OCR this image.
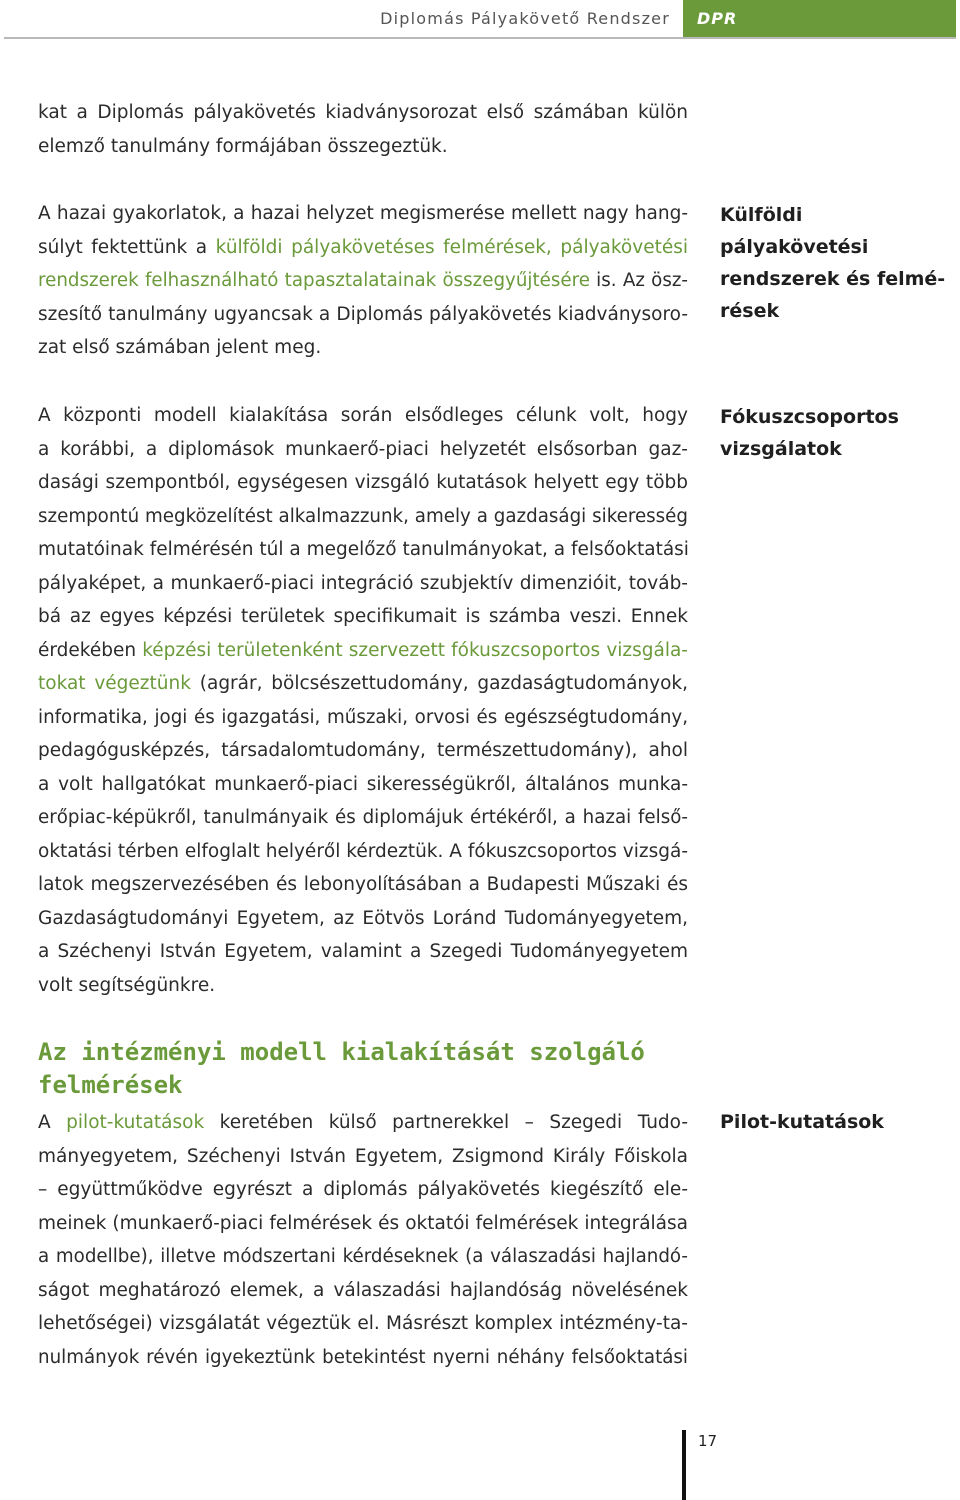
Diplomás Pályakövető Rendszer DPR

kat a Diplomás pályakövetés kiadványsorozat első számában külön

elemző tanulmány formájában összegeztük.

A hazai gyakorlatok, a hazai helyzet megismerése mellett nagy hang-

súlyt fektettünk a külföldi pályakövetéses felmérések, pályakövetési

rendszerek felhasználható tapasztalatainak összegyűjtésére is. Az ösz-

szesítő tanulmány ugyancsak a Diplomás pályakövetés kiadványsoro-

zat első számában jelent meg.

Külföldi pályakövetési
rendszerek és felmé-
rések

A központi modell kialakítása során elsődleges célunk volt, hogy

a korábbi, a diplomások munkaerő-piaci helyzetét elsősorban gaz-

dasági szempontból, egységesen vizsgáló kutatások helyett egy több

szempontú megközelítést alkalmazzunk, amely a gazdasági sikeresség

mutatóinak felmérésén túl a megelőző tanulmányokat, a felsőoktatási

pályaképet, a munkaerő-piaci integráció szubjektív dimenzióit, továb-

bá az egyes képzési területek specifikumait is számba veszi. Ennek

érdekében képzési területenként szervezett fókuszcsoportos vizsgála-

tokat végeztünk (agrár, bölcsészettudomány, gazdaságtudományok,

informatika, jogi és igazgatási, műszaki, orvosi és egészségtudomány,

pedagógusképzés, társadalomtudomány, természettudomány), ahol

a volt hallgatókat munkaerő-piaci sikerességükről, általános munka-

erőpiac-képükről, tanulmányaik és diplomájuk értékéről, a hazai felső-

oktatási térben elfoglalt helyéről kérdeztük. A fókuszcsoportos vizsgá-

latok megszervezésében és lebonyolításában a Budapesti Műszaki és

Gazdaságtudományi Egyetem, az Eötvös Loránd Tudományegyetem,

a Széchenyi István Egyetem, valamint a Szegedi Tudományegyetem

volt segítségünkre.

Fókuszcsoportos
vizsgálatok
Az intézményi modell kialakítását szolgáló
felmérések

A pilot-kutatások keretében külső partnerekkel – Szegedi Tudo-

mányegyetem, Széchenyi István Egyetem, Zsigmond Király Főiskola

– együttműködve egyrészt a diplomás pályakövetés kiegészítő ele-

meinek (munkaerő-piaci felmérések és oktatói felmérések integrálása

a modellbe), illetve módszertani kérdéseknek (a válaszadási hajlandó-

ságot meghatározó elemek, a válaszadási hajlandóság növelésének

lehetőségei) vizsgálatát végeztük el. Másrészt komplex intézmény-ta-

nulmányok révén igyekeztünk betekintést nyerni néhány felsőoktatási

Pilot-kutatások
17
